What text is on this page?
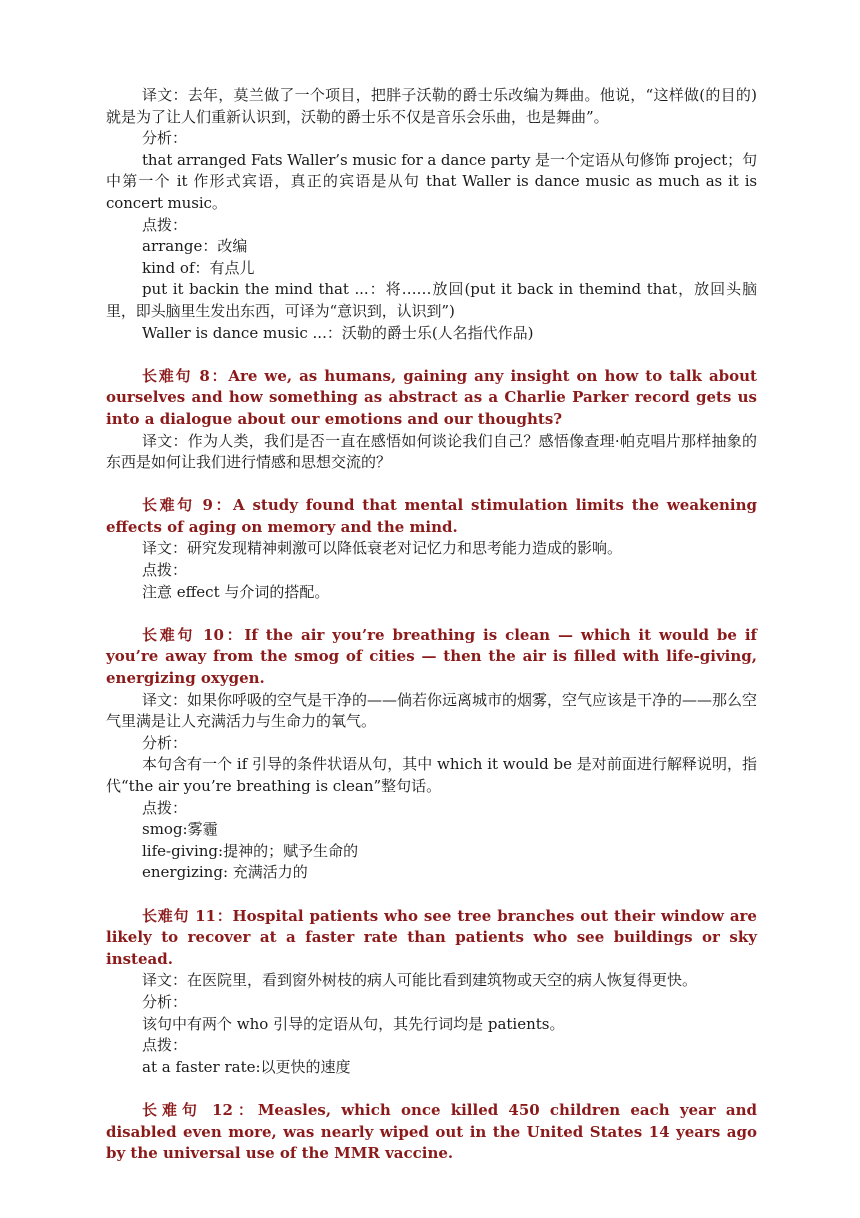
译文：去年，莫兰做了一个项目，把胖子沃勒的爵士乐改编为舞曲。他说，“这样做(的目的)就是为了让人们重新认识到，沃勒的爵士乐不仅是音乐会乐曲，也是舞曲”。

分析：

that arranged Fats Waller’s music for a dance party 是一个定语从句修饰 project；句中第一个 it 作形式宾语，真正的宾语是从句 that Waller is dance music as much as it is concert music。

点拨：

arrange：改编

kind of：有点儿

put it backin the mind that ...：将……放回(put it back in themind that，放回头脑里，即头脑里生发出东西，可译为“意识到，认识到”)

Waller is dance music ...：沃勒的爵士乐(人名指代作品)

长难句 8：Are we, as humans, gaining any insight on how to talk about ourselves and how something as abstract as a Charlie Parker record gets us into a dialogue about our emotions and our thoughts?

译文：作为人类，我们是否一直在感悟如何谈论我们自己？感悟像查理·帕克唱片那样抽象的东西是如何让我们进行情感和思想交流的？

长难句 9：A study found that mental stimulation limits the weakening effects of aging on memory and the mind.

译文：研究发现精神刺激可以降低衰老对记忆力和思考能力造成的影响。

点拨：

注意 effect 与介词的搭配。

长难句 10：If the air you’re breathing is clean — which it would be if you’re away from the smog of cities — then the air is filled with life-giving, energizing oxygen.

译文：如果你呼吸的空气是干净的——倘若你远离城市的烟雾，空气应该是干净的——那么空气里满是让人充满活力与生命力的氧气。

分析：

本句含有一个 if 引导的条件状语从句，其中 which it would be 是对前面进行解释说明，指代“the air you’re breathing is clean”整句话。

点拨：

smog:雾霾

life-giving:提神的；赋予生命的

energizing: 充满活力的

长难句 11：Hospital patients who see tree branches out their window are likely to recover at a faster rate than patients who see buildings or sky instead.

译文：在医院里，看到窗外树枝的病人可能比看到建筑物或天空的病人恢复得更快。

分析：

该句中有两个 who 引导的定语从句，其先行词均是 patients。

点拨：

at a faster rate:以更快的速度

长难句 12：Measles, which once killed 450 children each year and disabled even more, was nearly wiped out in the United States 14 years ago by the universal use of the MMR vaccine.
